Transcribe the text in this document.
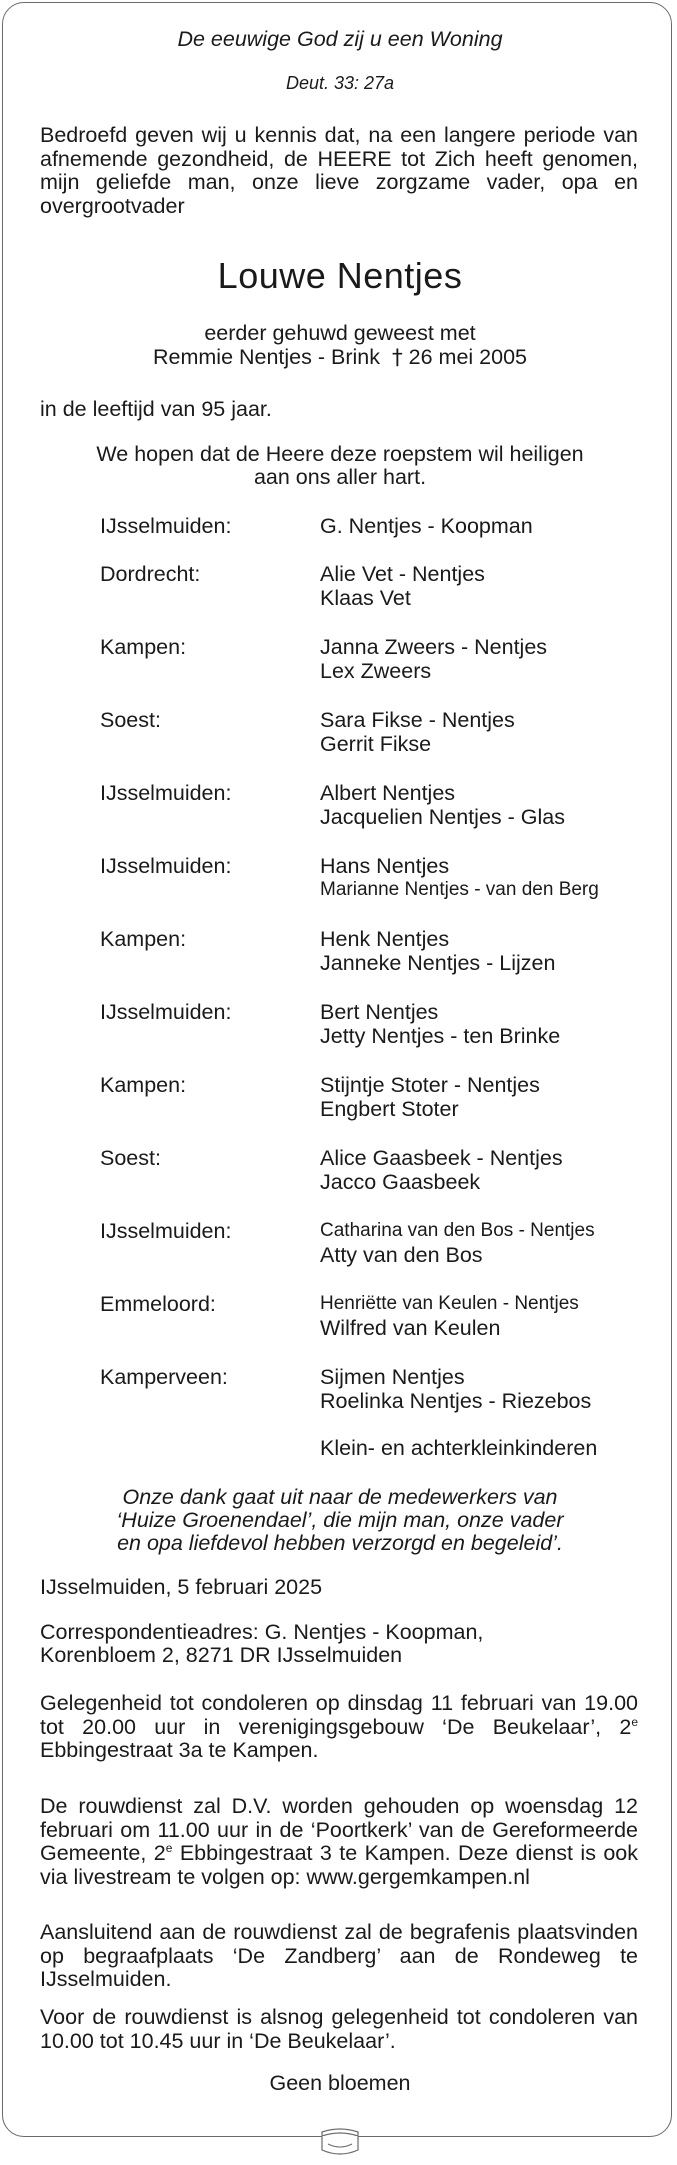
De eeuwige God zij u een Woning
Deut. 33: 27a
Bedroefd geven wij u kennis dat, na een langere periode van afnemende gezondheid, de HEERE tot Zich heeft genomen, mijn geliefde man, onze lieve zorgzame vader, opa en overgrootvader
Louwe Nentjes
eerder gehuwd geweest met
Remmie Nentjes - Brink † 26 mei 2005
in de leeftijd van 95 jaar.
We hopen dat de Heere deze roepstem wil heiligen
aan ons aller hart.
IJsselmuiden:	G. Nentjes - Koopman
Dordrecht:	Alie Vet - Nentjes
Klaas Vet
Kampen:	Janna Zweers - Nentjes
Lex Zweers
Soest:	Sara Fikse - Nentjes
Gerrit Fikse
IJsselmuiden:	Albert Nentjes
Jacquelien Nentjes - Glas
IJsselmuiden:	Hans Nentjes
Marianne Nentjes - van den Berg
Kampen:	Henk Nentjes
Janneke Nentjes - Lijzen
IJsselmuiden:	Bert Nentjes
Jetty Nentjes - ten Brinke
Kampen:	Stijntje Stoter - Nentjes
Engbert Stoter
Soest:	Alice Gaasbeek - Nentjes
Jacco Gaasbeek
IJsselmuiden:	Catharina van den Bos - Nentjes
Atty van den Bos
Emmeloord:	Henriëtte van Keulen - Nentjes
Wilfred van Keulen
Kamperveen:	Sijmen Nentjes
Roelinka Nentjes - Riezebos
Klein- en achterkleinkinderen
Onze dank gaat uit naar de medewerkers van
‘Huize Groenendael’, die mijn man, onze vader
en opa liefdevol hebben verzorgd en begeleid’.
IJsselmuiden, 5 februari 2025
Correspondentieadres: G. Nentjes - Koopman,
Korenbloem 2, 8271 DR IJsselmuiden
Gelegenheid tot condoleren op dinsdag 11 februari van 19.00 tot 20.00 uur in verenigingsgebouw ‘De Beukelaar’, 2e Ebbingestraat 3a te Kampen.
De rouwdienst zal D.V. worden gehouden op woensdag 12 februari om 11.00 uur in de ‘Poortkerk’ van de Gereformeerde Gemeente, 2e Ebbingestraat 3 te Kampen. Deze dienst is ook via livestream te volgen op: www.gergemkampen.nl
Aansluitend aan de rouwdienst zal de begrafenis plaatsvinden op begraafplaats ‘De Zandberg’ aan de Rondeweg te IJsselmuiden.
Voor de rouwdienst is alsnog gelegenheid tot condoleren van 10.00 tot 10.45 uur in ‘De Beukelaar’.
Geen bloemen
